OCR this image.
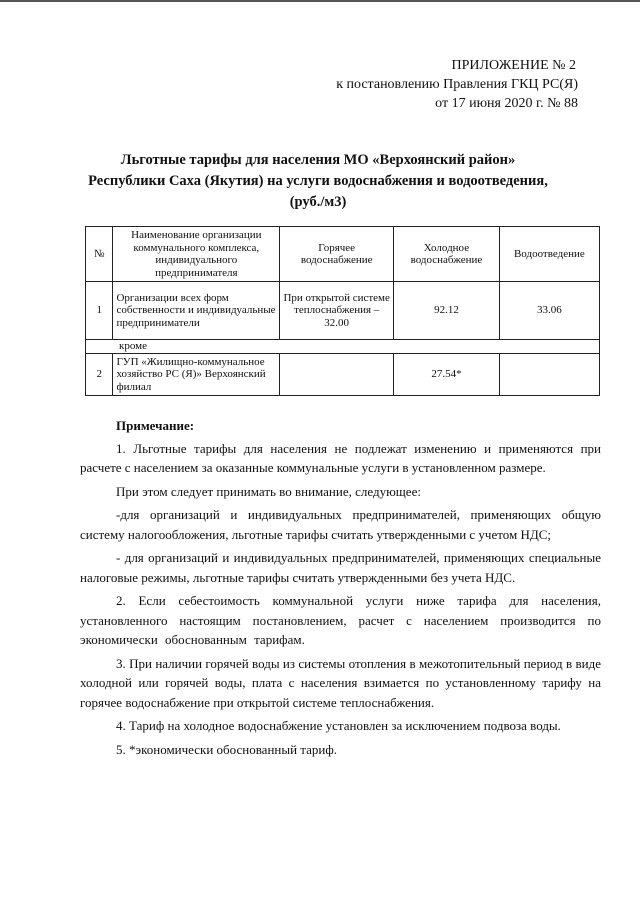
ПРИЛОЖЕНИЕ № 2
к постановлению Правления ГКЦ РС(Я)
от 17 июня 2020 г. № 88
Льготные тарифы для населения МО «Верхоянский район»
Республики Саха (Якутия) на услуги водоснабжения и водоотведения,
(руб./м3)
№	Наименование организации коммунального комплекса, индивидуального предпринимателя	Горячее водоснабжение	Холодное водоснабжение	Водоотведение
1	Организации всех форм собственности и индивидуальные предприниматели	При открытой системе теплоснабжения – 32.00	92.12	33.06
кроме				
2	ГУП «Жилищно-коммунальное хозяйство РС (Я)» Верхоянский филиал		27.54*	

Примечание:

1. Льготные тарифы для населения не подлежат изменению и применяются при расчете с населением за оказанные коммунальные услуги в установленном размере.

При этом следует принимать во внимание, следующее:

-для организаций и индивидуальных предпринимателей, применяющих общую систему налогообложения, льготные тарифы считать утвержденными с учетом НДС;

- для организаций и индивидуальных предпринимателей, применяющих специальные налоговые режимы, льготные тарифы считать утвержденными без учета НДС.

2. Если себестоимость коммунальной услуги ниже тарифа для населения, установленного настоящим постановлением, расчет с населением производится по экономически обоснованным тарифам.

3. При наличии горячей воды из системы отопления в межотопительный период в виде холодной или горячей воды, плата с населения взимается по установленному тарифу на горячее водоснабжение при открытой системе теплоснабжения.

4. Тариф на холодное водоснабжение установлен за исключением подвоза воды.

5. *экономически обоснованный тариф.
